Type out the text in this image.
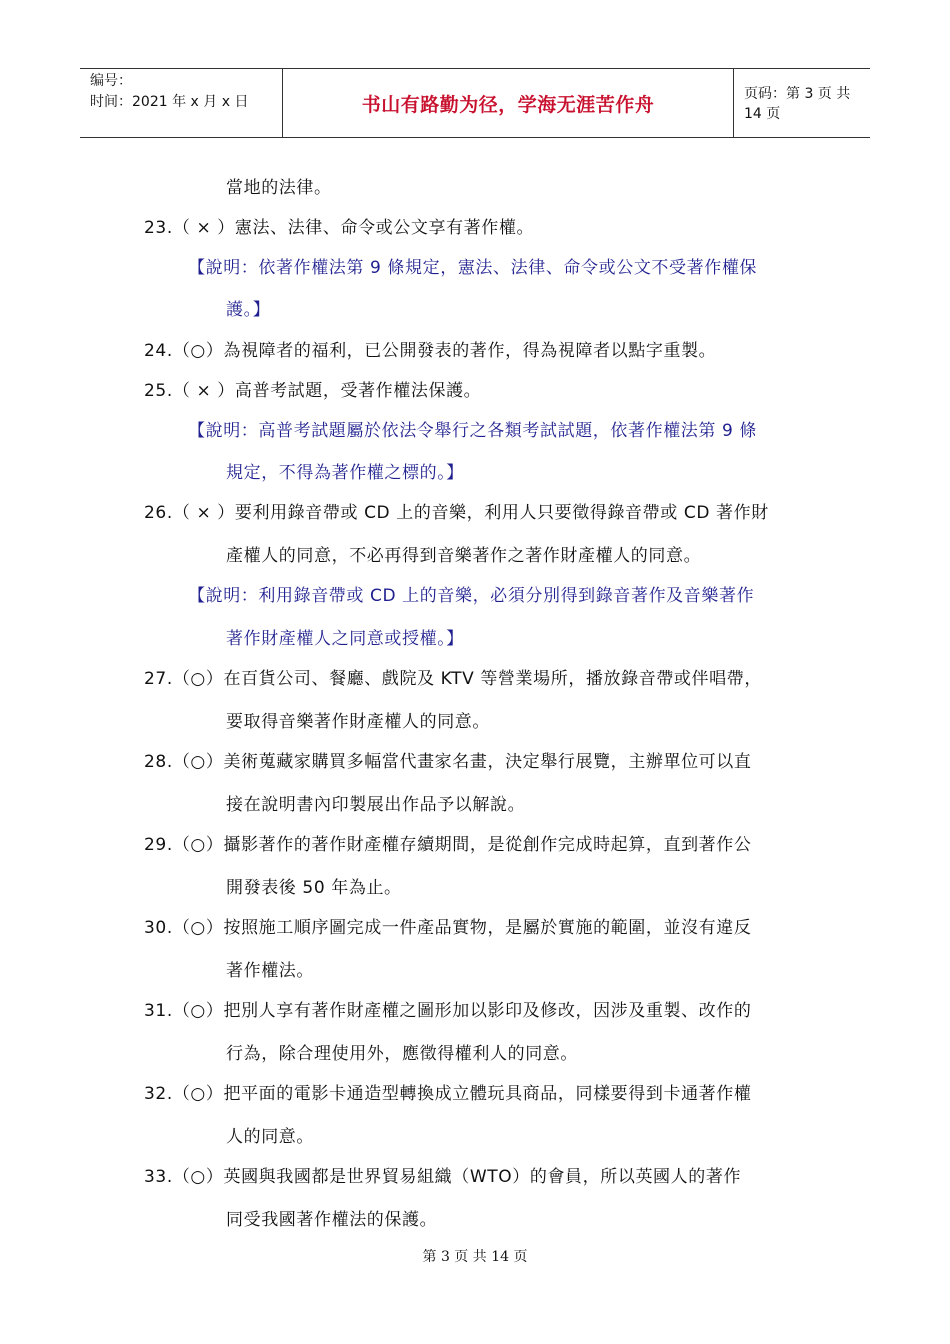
编号：
时间：2021 年 x 月 x 日	书山有路勤为径，学海无涯苦作舟	页码：第 3 页 共 14 页
當地的法律。
23.（ × ）憲法、法律、命令或公文享有著作權。
【說明：依著作權法第 9 條規定，憲法、法律、命令或公文不受著作權保
護。】
24.（○）為視障者的福利，已公開發表的著作，得為視障者以點字重製。
25.（ × ）高普考試題，受著作權法保護。
【說明：高普考試題屬於依法令舉行之各類考試試題，依著作權法第 9 條
規定，不得為著作權之標的。】
26.（ × ）要利用錄音帶或 CD 上的音樂，利用人只要徵得錄音帶或 CD 著作財
產權人的同意，不必再得到音樂著作之著作財產權人的同意。
【說明：利用錄音帶或 CD 上的音樂，必須分別得到錄音著作及音樂著作
著作財產權人之同意或授權。】
27.（○）在百貨公司、餐廳、戲院及 KTV 等營業場所，播放錄音帶或伴唱帶，
要取得音樂著作財產權人的同意。
28.（○）美術蒐藏家購買多幅當代畫家名畫，決定舉行展覽，主辦單位可以直
接在說明書內印製展出作品予以解說。
29.（○）攝影著作的著作財產權存續期間，是從創作完成時起算，直到著作公
開發表後 50 年為止。
30.（○）按照施工順序圖完成一件產品實物，是屬於實施的範圍，並沒有違反
著作權法。
31.（○）把別人享有著作財產權之圖形加以影印及修改，因涉及重製、改作的
行為，除合理使用外，應徵得權利人的同意。
32.（○）把平面的電影卡通造型轉換成立體玩具商品，同樣要得到卡通著作權
人的同意。
33.（○）英國與我國都是世界貿易組織（WTO）的會員，所以英國人的著作
同受我國著作權法的保護。
第 3 页 共 14 页
